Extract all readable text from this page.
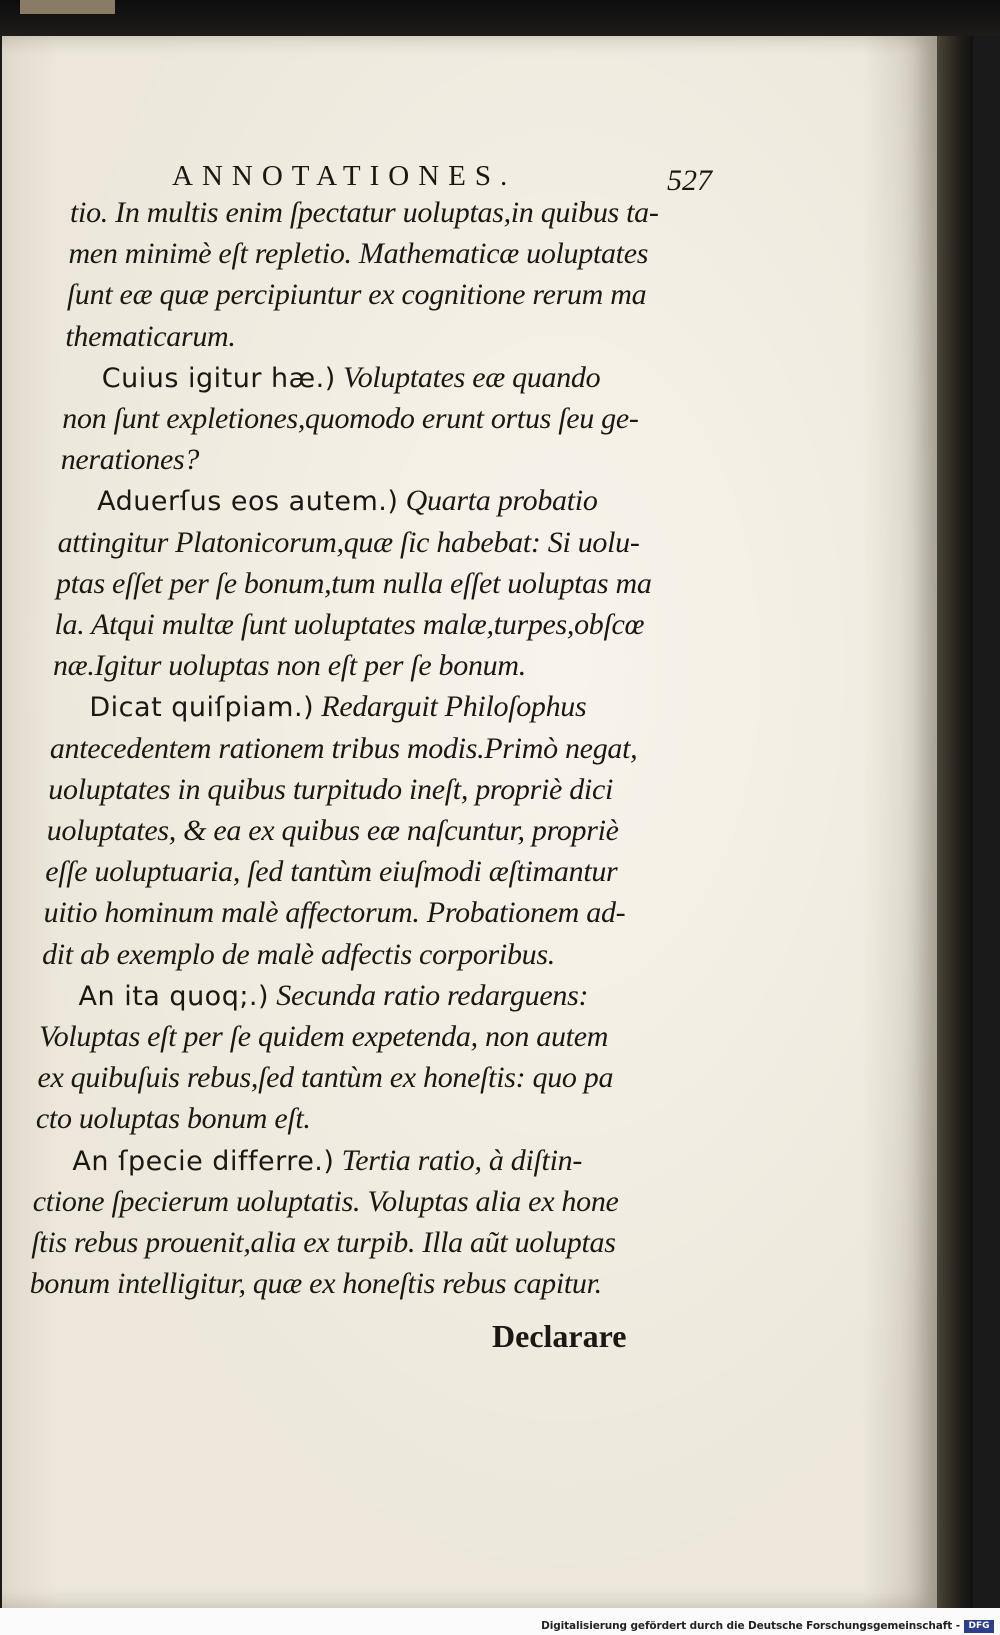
ANNOTATIONES.	527
tio. In multis enim ſpectatur uoluptas,in quibus ta-
men minimè eſt repletio. Mathematicæ uoluptates
ſunt eæ quæ percipiuntur ex cognitione rerum ma
thematicarum.
Cuius igitur hæ.) Voluptates eæ quando
non ſunt expletiones,quomodo erunt ortus ſeu ge-
nerationes?
Aduerſus eos autem.) Quarta probatio
attingitur Platonicorum,quæ ſic habebat: Si uolu-
ptas eſſet per ſe bonum,tum nulla eſſet uoluptas ma
la. Atqui multæ ſunt uoluptates malæ,turpes,obſcœ
næ.Igitur uoluptas non eſt per ſe bonum.
Dicat quiſpiam.) Redarguit Philoſophus
antecedentem rationem tribus modis.Primò negat,
uoluptates in quibus turpitudo ineſt, propriè dici
uoluptates, & ea ex quibus eæ naſcuntur, propriè
eſſe uoluptuaria, ſed tantùm eiuſmodi æſtimantur
uitio hominum malè affectorum. Probationem ad-
dit ab exemplo de malè adfectis corporibus.
An ita quoq;.) Secunda ratio redarguens:
Voluptas eſt per ſe quidem expetenda, non autem
ex quibuſuis rebus,ſed tantùm ex honeſtis: quo pa
cto uoluptas bonum eſt.
An ſpecie differre.) Tertia ratio, à diſtin-
ctione ſpecierum uoluptatis. Voluptas alia ex hone
ſtis rebus prouenit,alia ex turpib. Illa aũt uoluptas
bonum intelligitur, quæ ex honeſtis rebus capitur.
Declarare
Digitalisierung gefördert durch die Deutsche Forschungsgemeinschaft - DFG
